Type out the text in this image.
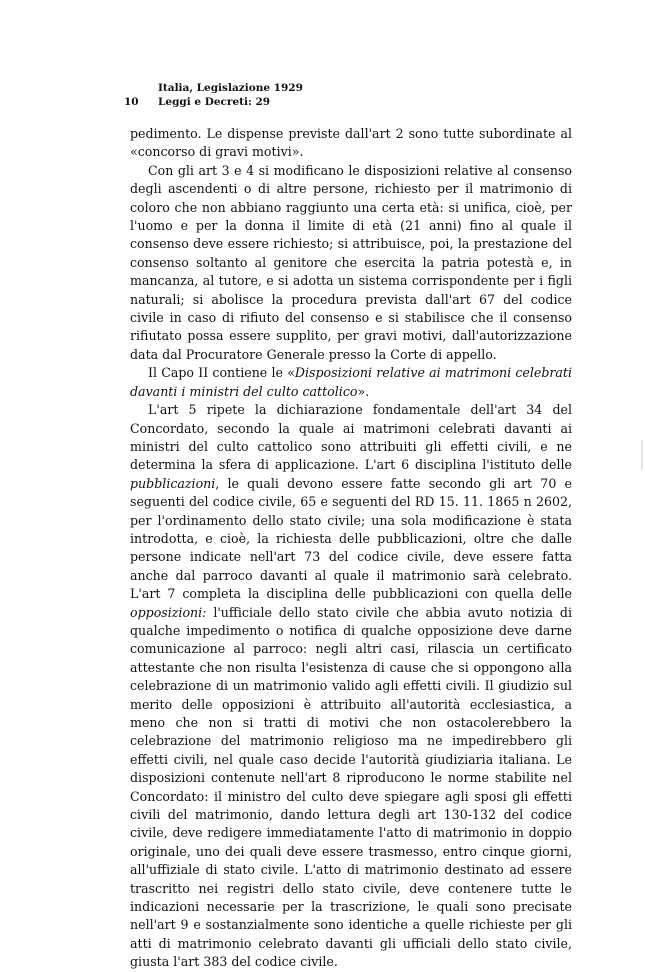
10
Italia, Legislazione 1929
Leggi e Decreti: 29

pedimento. Le dispense previste dall'art 2 sono tutte subordinate al «concorso di gravi motivi».

Con gli art 3 e 4 si modificano le disposizioni relative al consenso degli ascendenti o di altre persone, richiesto per il matrimonio di coloro che non abbiano raggiunto una certa età: si unifica, cioè, per l'uomo e per la donna il limite di età (21 anni) fino al quale il consenso deve essere richiesto; si attribuisce, poi, la prestazione del consenso soltanto al genitore che esercita la patria potestà e, in mancanza, al tutore, e si adotta un sistema corrispondente per i figli naturali; si abolisce la procedura prevista dall'art 67 del codice civile in caso di rifiuto del consenso e si stabilisce che il consenso rifiutato possa essere supplito, per gravi motivi, dall'autorizzazione data dal Procuratore Generale presso la Corte di appello.

Il Capo II contiene le «Disposizioni relative ai matrimoni celebrati davanti i ministri del culto cattolico».

L'art 5 ripete la dichiarazione fondamentale dell'art 34 del Concordato, secondo la quale ai matrimoni celebrati davanti ai ministri del culto cattolico sono attribuiti gli effetti civili, e ne determina la sfera di applicazione. L'art 6 disciplina l'istituto delle pubblicazioni, le quali devono essere fatte secondo gli art 70 e seguenti del codice civile, 65 e seguenti del RD 15. 11. 1865 n 2602, per l'ordinamento dello stato civile; una sola modificazione è stata introdotta, e cioè, la richiesta delle pubblicazioni, oltre che dalle persone indicate nell'art 73 del codice civile, deve essere fatta anche dal parroco davanti al quale il matrimonio sarà celebrato. L'art 7 completa la disciplina delle pubblicazioni con quella delle opposizioni: l'ufficiale dello stato civile che abbia avuto notizia di qualche impedimento o notifica di qualche opposizione deve darne comunicazione al parroco: negli altri casi, rilascia un certificato attestante che non risulta l'esistenza di cause che si oppongono alla celebrazione di un matrimonio valido agli effetti civili. Il giudizio sul merito delle opposizioni è attribuito all'autorità ecclesiastica, a meno che non si tratti di motivi che non ostacolerebbero la celebrazione del matrimonio religioso ma ne impedirebbero gli effetti civili, nel quale caso decide l'autorità giudiziaria italiana. Le disposizioni contenute nell'art 8 riproducono le norme stabilite nel Concordato: il ministro del culto deve spiegare agli sposi gli effetti civili del matrimonio, dando lettura degli art 130-132 del codice civile, deve redigere immediatamente l'atto di matrimonio in doppio originale, uno dei quali deve essere trasmesso, entro cinque giorni, all'uffiziale di stato civile. L'atto di matrimonio destinato ad essere trascritto nei registri dello stato civile, deve contenere tutte le indicazioni necessarie per la trascrizione, le quali sono precisate nell'art 9 e sostanzialmente sono identiche a quelle richieste per gli atti di matrimonio celebrato davanti gli ufficiali dello stato civile, giusta l'art 383 del codice civile.
